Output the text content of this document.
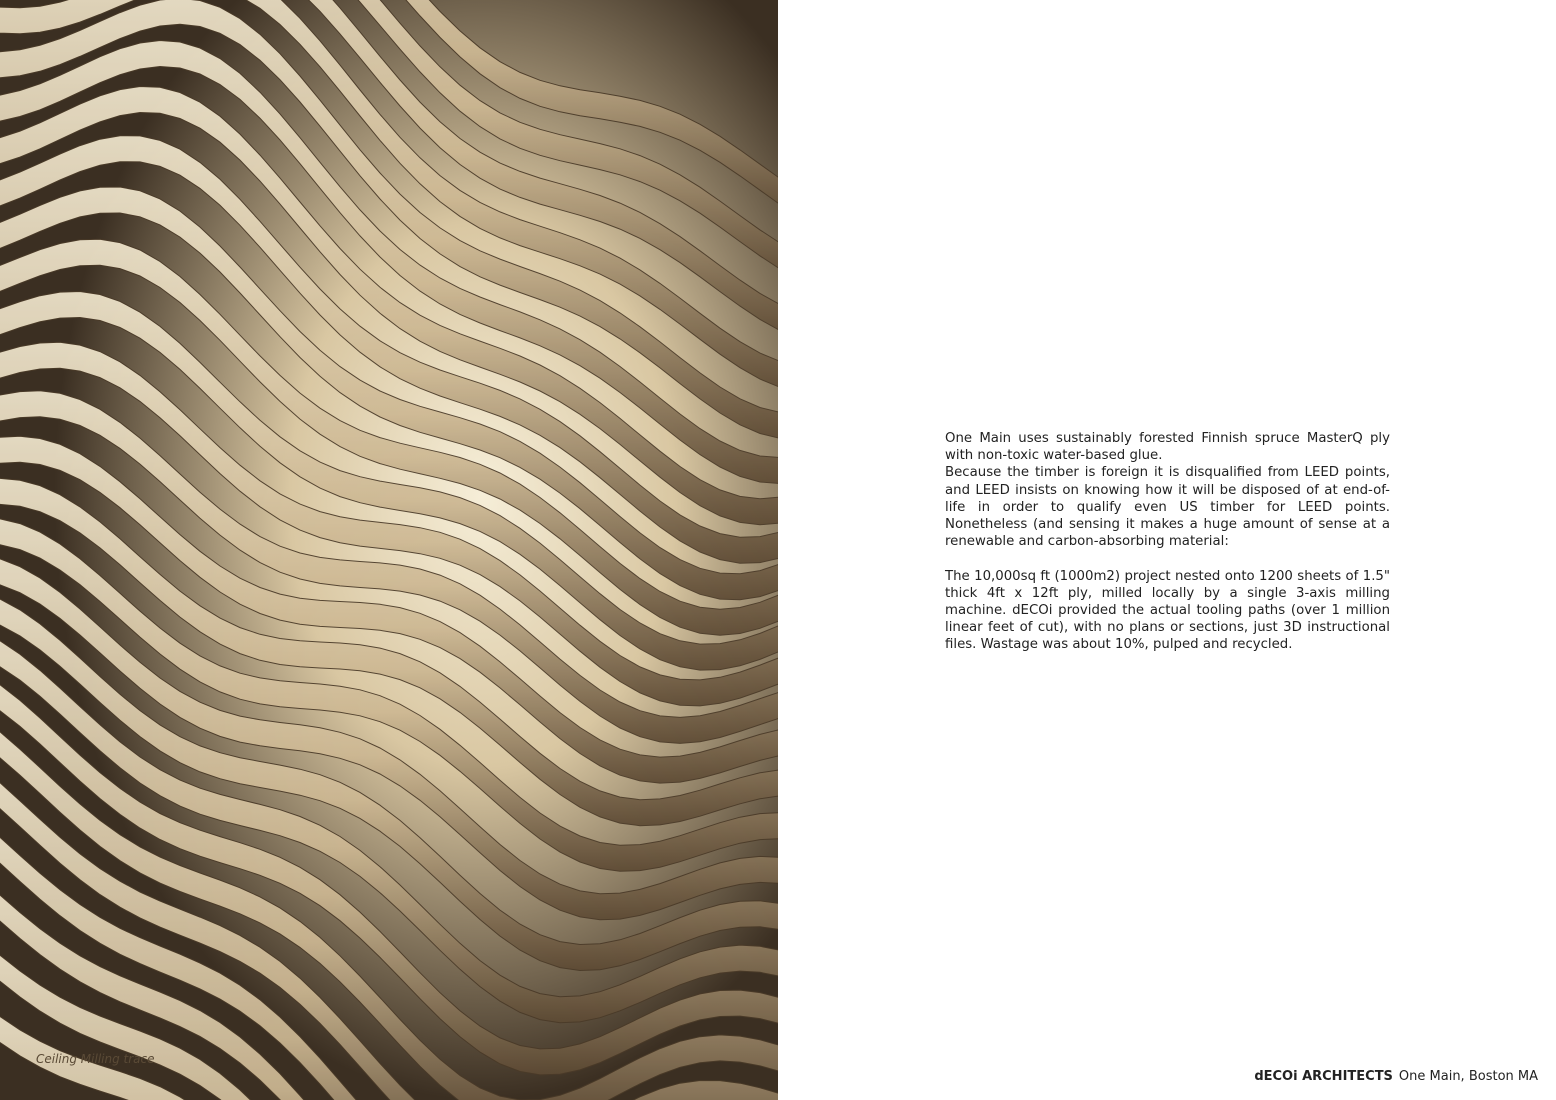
Ceiling Milling trace

One Main uses sustainably forested Finnish spruce MasterQ ply with non-toxic water-based glue.

Because the timber is foreign it is disqualified from LEED points, and LEED insists on knowing how it will be disposed of at end-of-life in order to qualify even US timber for LEED points. Nonetheless (and sensing it makes a huge amount of sense at a renewable and carbon-absorbing material:

The 10,000sq ft (1000m2) project nested onto 1200 sheets of 1.5" thick 4ft x 12ft ply, milled locally by a single 3-axis milling machine. dECOi provided the actual tooling paths (over 1 million linear feet of cut), with no plans or sections, just 3D instructional files. Wastage was about 10%, pulped and recycled.

dECOi ARCHITECTS One Main, Boston MA
